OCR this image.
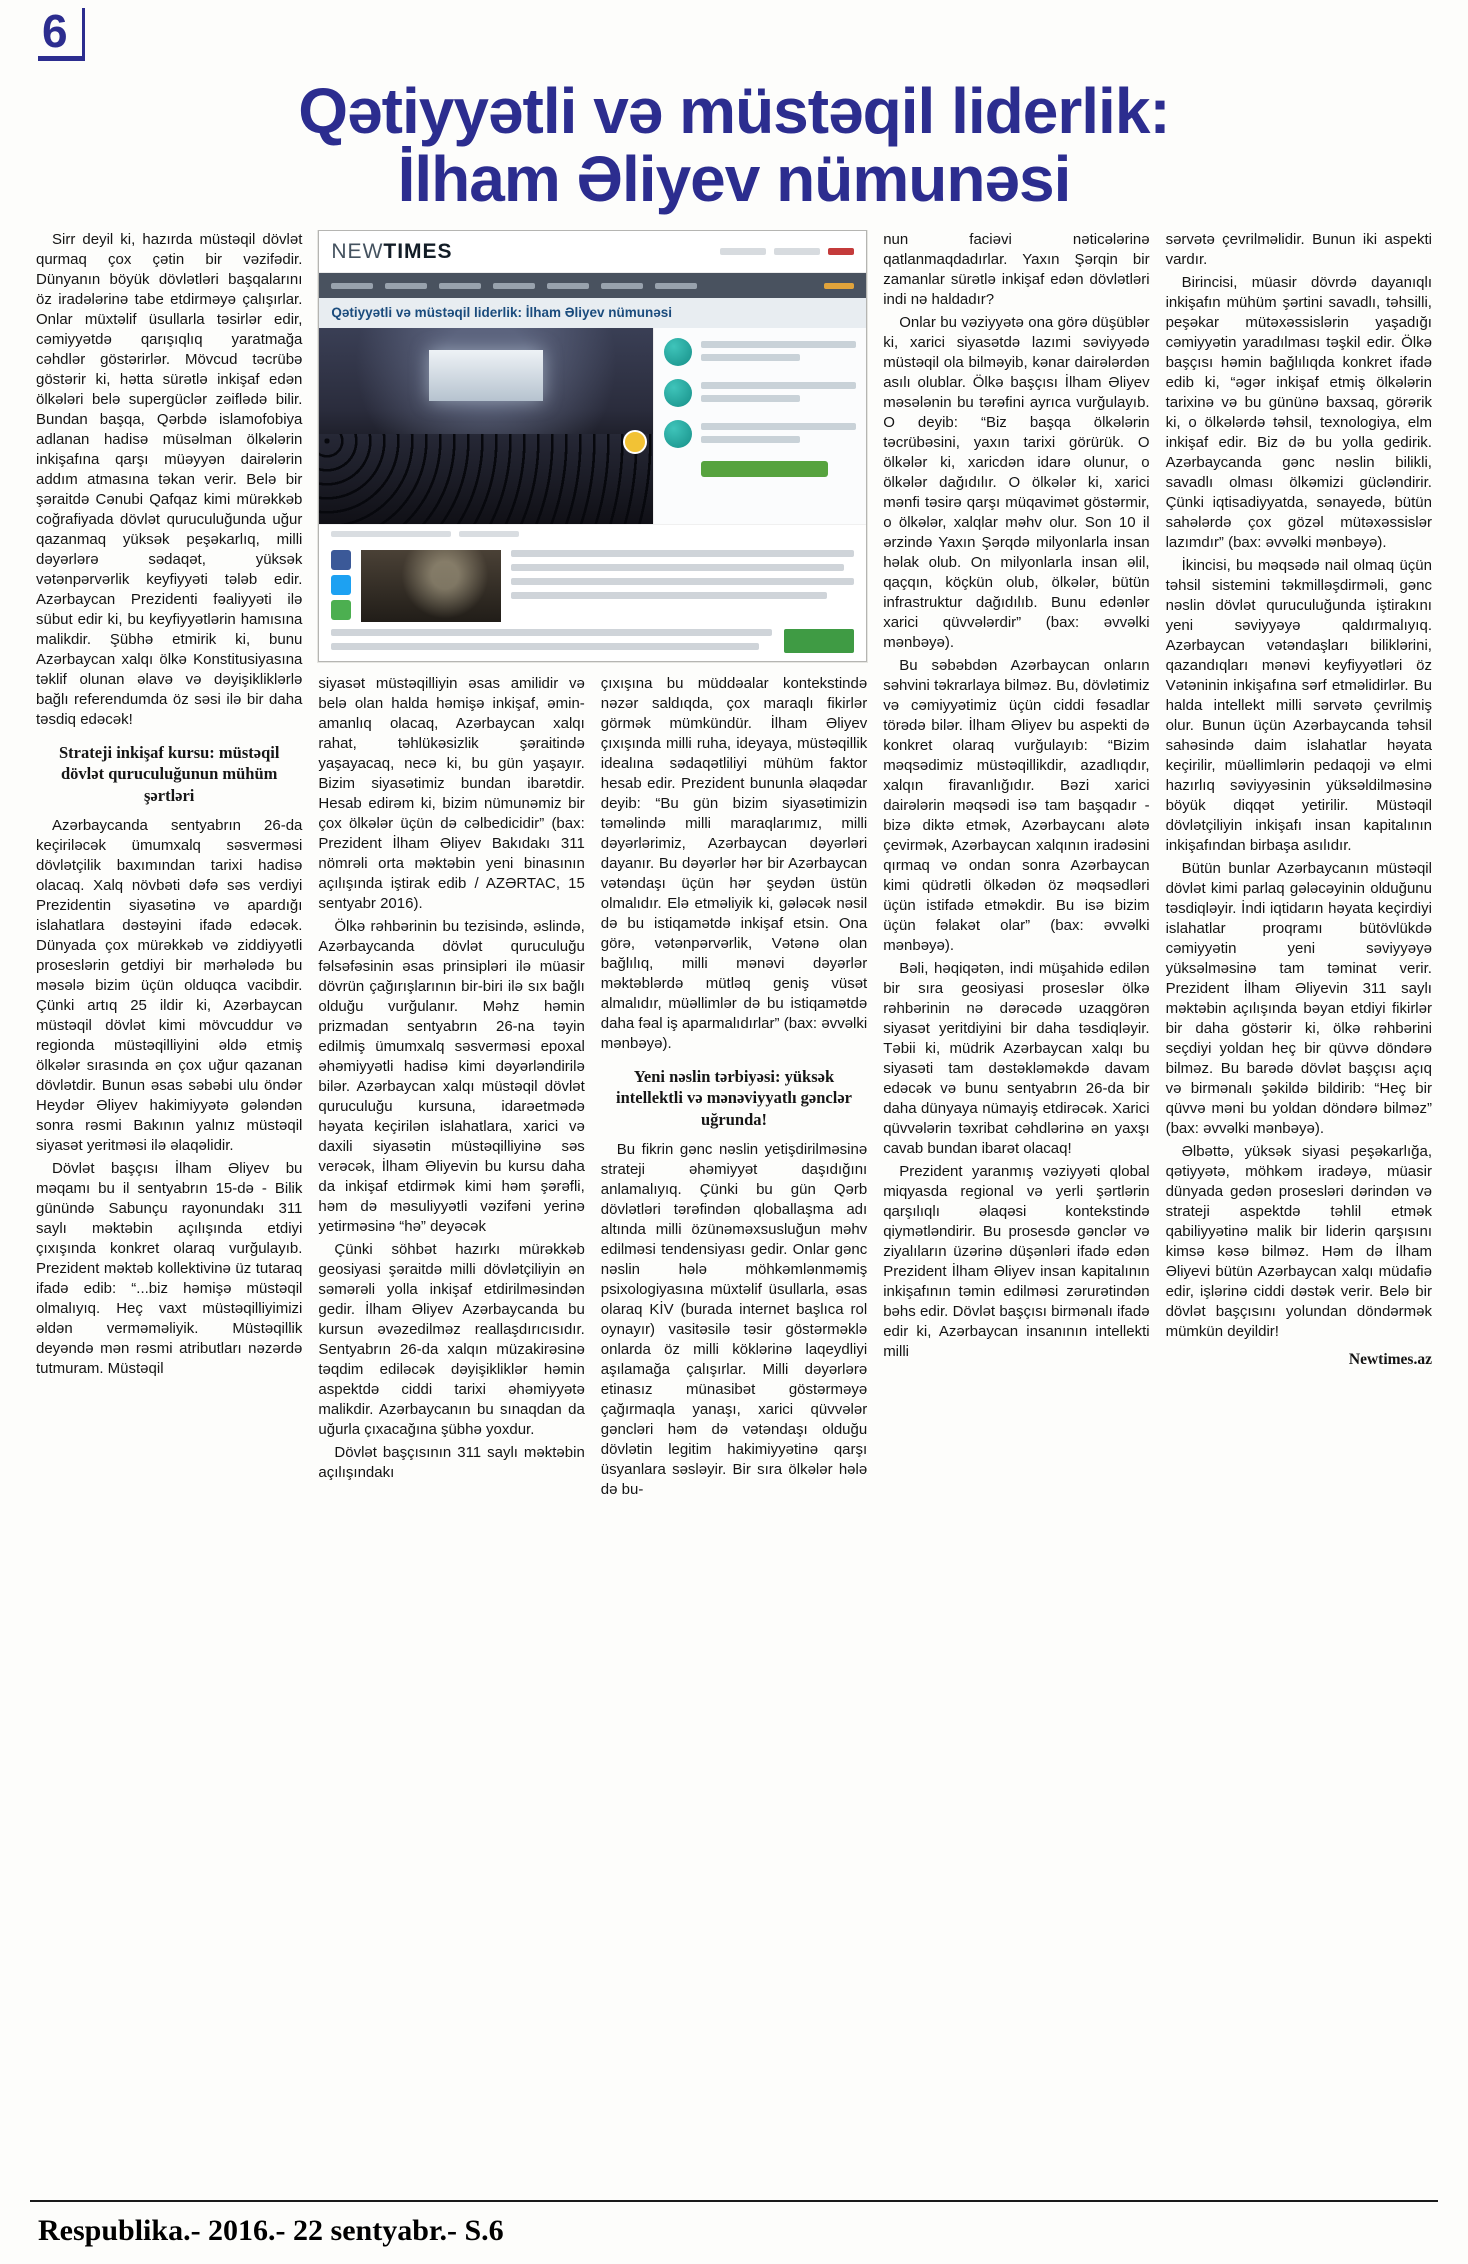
6
Qətiyyətli və müstəqil liderlik:
İlham Əliyev nümunəsi

Sirr deyil ki, hazırda müstəqil dövlət qurmaq çox çətin bir vəzifədir. Dünyanın böyük dövlətləri başqalarını öz iradələrinə tabe etdirməyə çalışırlar. Onlar müxtəlif üsullarla təsirlər edir, cəmiyyətdə qarışıqlıq yaratmağa cəhdlər göstərirlər. Mövcud təcrübə göstərir ki, hətta sürətlə inkişaf edən ölkələri belə supergüclər zəiflədə bilir. Bundan başqa, Qərbdə islamofobiya adlanan hadisə müsəlman ölkələrin inkişafına qarşı müəyyən dairələrin addım atmasına təkan verir. Belə bir şəraitdə Cənubi Qafqaz kimi mürəkkəb coğrafiyada dövlət quruculuğunda uğur qazanmaq yüksək peşəkarlıq, milli dəyərlərə sədaqət, yüksək vətənpərvərlik keyfiyyəti tələb edir. Azərbaycan Prezidenti fəaliyyəti ilə sübut edir ki, bu keyfiyyətlərin hamısına malikdir. Şübhə etmirik ki, bunu Azərbaycan xalqı ölkə Konstitusiyasına təklif olunan əlavə və dəyişikliklərlə bağlı referendumda öz səsi ilə bir daha təsdiq edəcək!

Strateji inkişaf kursu: müstəqil dövlət quruculuğunun mühüm şərtləri

Azərbaycanda sentyabrın 26-da keçiriləcək ümumxalq səsverməsi dövlətçilik baxımından tarixi hadisə olacaq. Xalq növbəti dəfə səs verdiyi Prezidentin siyasətinə və apardığı islahatlara dəstəyini ifadə edəcək. Dünyada çox mürəkkəb və ziddiyyətli proseslərin getdiyi bir mərhələdə bu məsələ bizim üçün olduqca vacibdir. Çünki artıq 25 ildir ki, Azərbaycan müstəqil dövlət kimi mövcuddur və regionda müstəqilliyini əldə etmiş ölkələr sırasında ən çox uğur qazanan dövlətdir. Bunun əsas səbəbi ulu öndər Heydər Əliyev hakimiyyətə gələndən sonra rəsmi Bakının yalnız müstəqil siyasət yeritməsi ilə əlaqəlidir.

Dövlət başçısı İlham Əliyev bu məqamı bu il sentyabrın 15-də - Bilik günündə Sabunçu rayonundakı 311 saylı məktəbin açılışında etdiyi çıxışında konkret olaraq vurğulayıb. Prezident məktəb kollektivinə üz tutaraq ifadə edib: “...biz həmişə müstəqil olmalıyıq. Heç vaxt müstəqilliyimizi əldən verməməliyik. Müstəqillik deyəndə mən rəsmi atributları nəzərdə tutmuram. Müstəqil

NEWTIMES
Qətiyyətli və müstəqil liderlik: İlham Əliyev nümunəsi

siyasət müstəqilliyin əsas amilidir və belə olan halda həmişə inkişaf, əmin-amanlıq olacaq, Azərbaycan xalqı rahat, təhlükəsizlik şəraitində yaşayacaq, necə ki, bu gün yaşayır. Bizim siyasətimiz bundan ibarətdir. Hesab edirəm ki, bizim nümunəmiz bir çox ölkələr üçün də cəlbedicidir” (bax: Prezident İlham Əliyev Bakıdakı 311 nömrəli orta məktəbin yeni binasının açılışında iştirak edib / AZƏRTAC, 15 sentyabr 2016).

Ölkə rəhbərinin bu tezisində, əslində, Azərbaycanda dövlət quruculuğu fəlsəfəsinin əsas prinsipləri ilə müasir dövrün çağırışlarının bir-biri ilə sıx bağlı olduğu vurğulanır. Məhz həmin prizmadan sentyabrın 26-na təyin edilmiş ümumxalq səsverməsi epoxal əhəmiyyətli hadisə kimi dəyərləndirilə bilər. Azərbaycan xalqı müstəqil dövlət quruculuğu kursuna, idarəetmədə həyata keçirilən islahatlara, xarici və daxili siyasətin müstəqilliyinə səs verəcək, İlham Əliyevin bu kursu daha da inkişaf etdirmək kimi həm şərəfli, həm də məsuliyyətli vəzifəni yerinə yetirməsinə “hə” deyəcək

Çünki söhbət hazırkı mürəkkəb geosiyasi şəraitdə milli dövlətçiliyin ən səmərəli yolla inkişaf etdirilməsindən gedir. İlham Əliyev Azərbaycanda bu kursun əvəzedilməz reallaşdırıcısıdır. Sentyabrın 26-da xalqın müzakirəsinə təqdim ediləcək dəyişikliklər həmin aspektdə ciddi tarixi əhəmiyyətə malikdir. Azərbaycanın bu sınaqdan da uğurla çıxacağına şübhə yoxdur.

Dövlət başçısının 311 saylı məktəbin açılışındakı

çıxışına bu müddəalar kontekstində nəzər saldıqda, çox maraqlı fikirlər görmək mümkündür. İlham Əliyev çıxışında milli ruha, ideyaya, müstəqillik idealına sədaqətliliyi mühüm faktor hesab edir. Prezident bununla əlaqədar deyib: “Bu gün bizim siyasətimizin təməlində milli maraqlarımız, milli dəyərlərimiz, Azərbaycan dəyərləri dayanır. Bu dəyərlər hər bir Azərbaycan vətəndaşı üçün hər şeydən üstün olmalıdır. Elə etməliyik ki, gələcək nəsil də bu istiqamətdə inkişaf etsin. Ona görə, vətənpərvərlik, Vətənə olan bağlılıq, milli mənəvi dəyərlər məktəblərdə mütləq geniş vüsət almalıdır, müəllimlər də bu istiqamətdə daha fəal iş aparmalıdırlar” (bax: əvvəlki mənbəyə).

Yeni nəslin tərbiyəsi: yüksək intellektli və mənəviyyatlı gənclər uğrunda!

Bu fikrin gənc nəslin yetişdirilməsinə strateji əhəmiyyət daşıdığını anlamalıyıq. Çünki bu gün Qərb dövlətləri tərəfindən qloballaşma adı altında milli özünəməxsusluğun məhv edilməsi tendensiyası gedir. Onlar gənc nəslin hələ möhkəmlənməmiş psixologiyasına müxtəlif üsullarla, əsas olaraq KİV (burada internet başlıca rol oynayır) vasitəsilə təsir göstərməklə onlarda öz milli köklərinə laqeydliyi aşılamağa çalışırlar. Milli dəyərlərə etinasız münasibət göstərməyə çağırmaqla yanaşı, xarici qüvvələr gəncləri həm də vətəndaşı olduğu dövlətin legitim hakimiyyətinə qarşı üsyanlara səsləyir. Bir sıra ölkələr hələ də bu-

nun faciəvi nəticələrinə qatlanmaqdadırlar. Yaxın Şərqin bir zamanlar sürətlə inkişaf edən dövlətləri indi nə haldadır?

Onlar bu vəziyyətə ona görə düşüblər ki, xarici siyasətdə lazımi səviyyədə müstəqil ola bilməyib, kənar dairələrdən asılı olublar. Ölkə başçısı İlham Əliyev məsələnin bu tərəfini ayrıca vurğulayıb. O deyib: “Biz başqa ölkələrin təcrübəsini, yaxın tarixi görürük. O ölkələr ki, xaricdən idarə olunur, o ölkələr dağıdılır. O ölkələr ki, xarici mənfi təsirə qarşı müqavimət göstərmir, o ölkələr, xalqlar məhv olur. Son 10 il ərzində Yaxın Şərqdə milyonlarla insan həlak olub. On milyonlarla insan əlil, qaçqın, köçkün olub, ölkələr, bütün infrastruktur dağıdılıb. Bunu edənlər xarici qüvvələrdir” (bax: əvvəlki mənbəyə).

Bu səbəbdən Azərbaycan onların səhvini təkrarlaya bilməz. Bu, dövlətimiz və cəmiyyətimiz üçün ciddi fəsadlar törədə bilər. İlham Əliyev bu aspekti də konkret olaraq vurğulayıb: “Bizim məqsədimiz müstəqillikdir, azadlıqdır, xalqın firavanlığıdır. Bəzi xarici dairələrin məqsədi isə tam başqadır - bizə diktə etmək, Azərbaycanı alətə çevirmək, Azərbaycan xalqının iradəsini qırmaq və ondan sonra Azərbaycan kimi qüdrətli ölkədən öz məqsədləri üçün istifadə etməkdir. Bu isə bizim üçün fəlakət olar” (bax: əvvəlki mənbəyə).

Bəli, həqiqətən, indi müşahidə edilən bir sıra geosiyasi proseslər ölkə rəhbərinin nə dərəcədə uzaqgörən siyasət yeritdiyini bir daha təsdiqləyir. Təbii ki, müdrik Azərbaycan xalqı bu siyasəti tam dəstəkləməkdə davam edəcək və bunu sentyabrın 26-da bir daha dünyaya nümayiş etdirəcək. Xarici qüvvələrin təxribat cəhdlərinə ən yaxşı cavab bundan ibarət olacaq!

Prezident yaranmış vəziyyəti qlobal miqyasda regional və yerli şərtlərin qarşılıqlı əlaqəsi kontekstində qiymətləndirir. Bu prosesdə gənclər və ziyalıların üzərinə düşənləri ifadə edən Prezident İlham Əliyev insan kapitalının inkişafının təmin edilməsi zərurətindən bəhs edir. Dövlət başçısı birmənalı ifadə edir ki, Azərbaycan insanının intellekti milli

sərvətə çevrilməlidir. Bunun iki aspekti vardır.

Birincisi, müasir dövrdə dayanıqlı inkişafın mühüm şərtini savadlı, təhsilli, peşəkar mütəxəssislərin yaşadığı cəmiyyətin yaradılması təşkil edir. Ölkə başçısı həmin bağlılıqda konkret ifadə edib ki, “əgər inkişaf etmiş ölkələrin tarixinə və bu gününə baxsaq, görərik ki, o ölkələrdə təhsil, texnologiya, elm inkişaf edir. Biz də bu yolla gedirik. Azərbaycanda gənc nəslin bilikli, savadlı olması ölkəmizi gücləndirir. Çünki iqtisadiyyatda, sənayedə, bütün sahələrdə çox gözəl mütəxəssislər lazımdır” (bax: əvvəlki mənbəyə).

İkincisi, bu məqsədə nail olmaq üçün təhsil sistemini təkmilləşdirməli, gənc nəslin dövlət quruculuğunda iştirakını yeni səviyyəyə qaldırmalıyıq. Azərbaycan vətəndaşları biliklərini, qazandıqları mənəvi keyfiyyətləri öz Vətəninin inkişafına sərf etməlidirlər. Bu halda intellekt milli sərvətə çevrilmiş olur. Bunun üçün Azərbaycanda təhsil sahəsində daim islahatlar həyata keçirilir, müəllimlərin pedaqoji və elmi hazırlıq səviyyəsinin yüksəldilməsinə böyük diqqət yetirilir. Müstəqil dövlətçiliyin inkişafı insan kapitalının inkişafından birbaşa asılıdır.

Bütün bunlar Azərbaycanın müstəqil dövlət kimi parlaq gələcəyinin olduğunu təsdiqləyir. İndi iqtidarın həyata keçirdiyi islahatlar proqramı bütövlükdə cəmiyyətin yeni səviyyəyə yüksəlməsinə tam təminat verir. Prezident İlham Əliyevin 311 saylı məktəbin açılışında bəyan etdiyi fikirlər bir daha göstərir ki, ölkə rəhbərini seçdiyi yoldan heç bir qüvvə döndərə bilməz. Bu barədə dövlət başçısı açıq və birmənalı şəkildə bildirib: “Heç bir qüvvə məni bu yoldan döndərə bilməz” (bax: əvvəlki mənbəyə).

Əlbəttə, yüksək siyasi peşəkarlığa, qətiyyətə, möhkəm iradəyə, müasir dünyada gedən prosesləri dərindən və strateji aspektdə təhlil etmək qabiliyyətinə malik bir liderin qarşısını kimsə kəsə bilməz. Həm də İlham Əliyevi bütün Azərbaycan xalqı müdafiə edir, işlərinə ciddi dəstək verir. Belə bir dövlət başçısını yolundan döndərmək mümkün deyildir!

Newtimes.az

Respublika.- 2016.- 22 sentyabr.- S.6
